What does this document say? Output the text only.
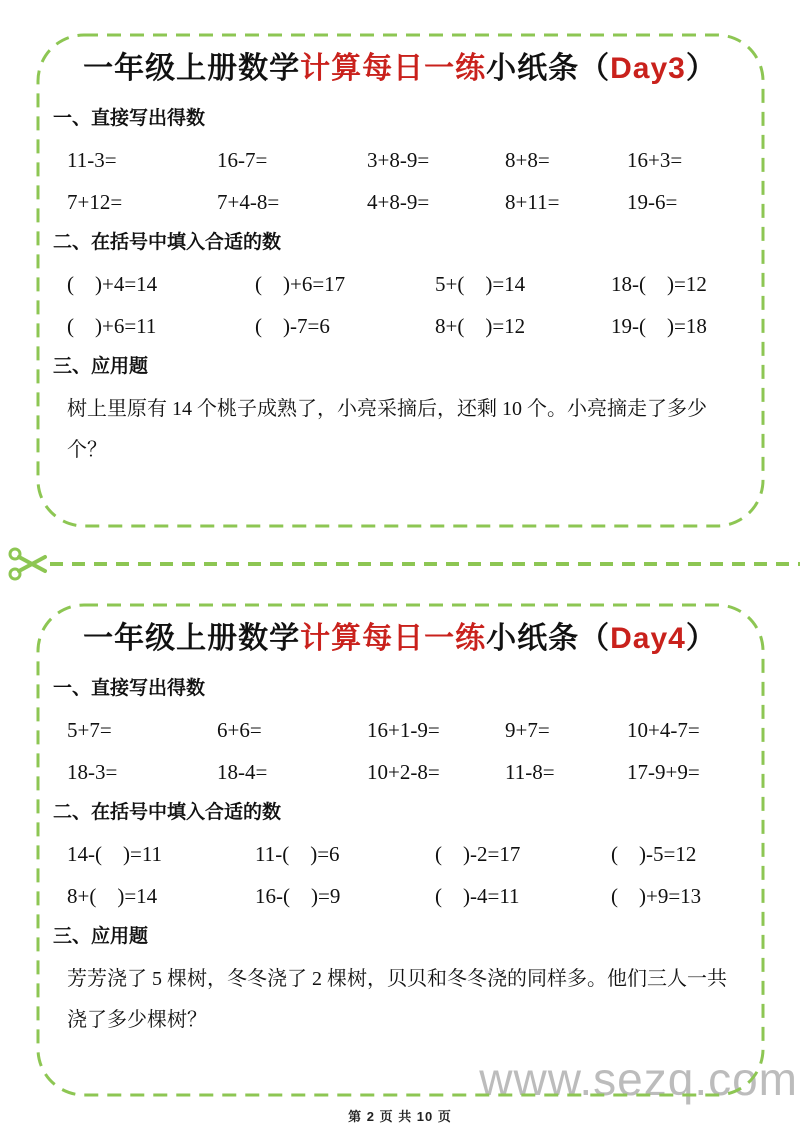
www.sezq.com
一年级上册数学计算每日一练小纸条（Day3）
一、直接写出得数
11-3=	16-7=	3+8-9=	8+8=	16+3=
7+12=	7+4-8=	4+8-9=	8+11=	19-6=
二、在括号中填入合适的数
(　)+4=14	(　)+6=17	5+(　)=14	18-(　)=12
(　)+6=11	(　)-7=6	8+(　)=12	19-(　)=18
三、应用题
树上里原有 14 个桃子成熟了，小亮采摘后，还剩 10 个。小亮摘走了多少个？
一年级上册数学计算每日一练小纸条（Day4）
一、直接写出得数
5+7=	6+6=	16+1-9=	9+7=	10+4-7=
18-3=	18-4=	10+2-8=	11-8=	17-9+9=
二、在括号中填入合适的数
14-(　)=11	11-(　)=6	(　)-2=17	(　)-5=12
8+(　)=14	16-(　)=9	(　)-4=11	(　)+9=13
三、应用题
芳芳浇了 5 棵树，冬冬浇了 2 棵树，贝贝和冬冬浇的同样多。他们三人一共浇了多少棵树？
第 2 页 共 10 页
